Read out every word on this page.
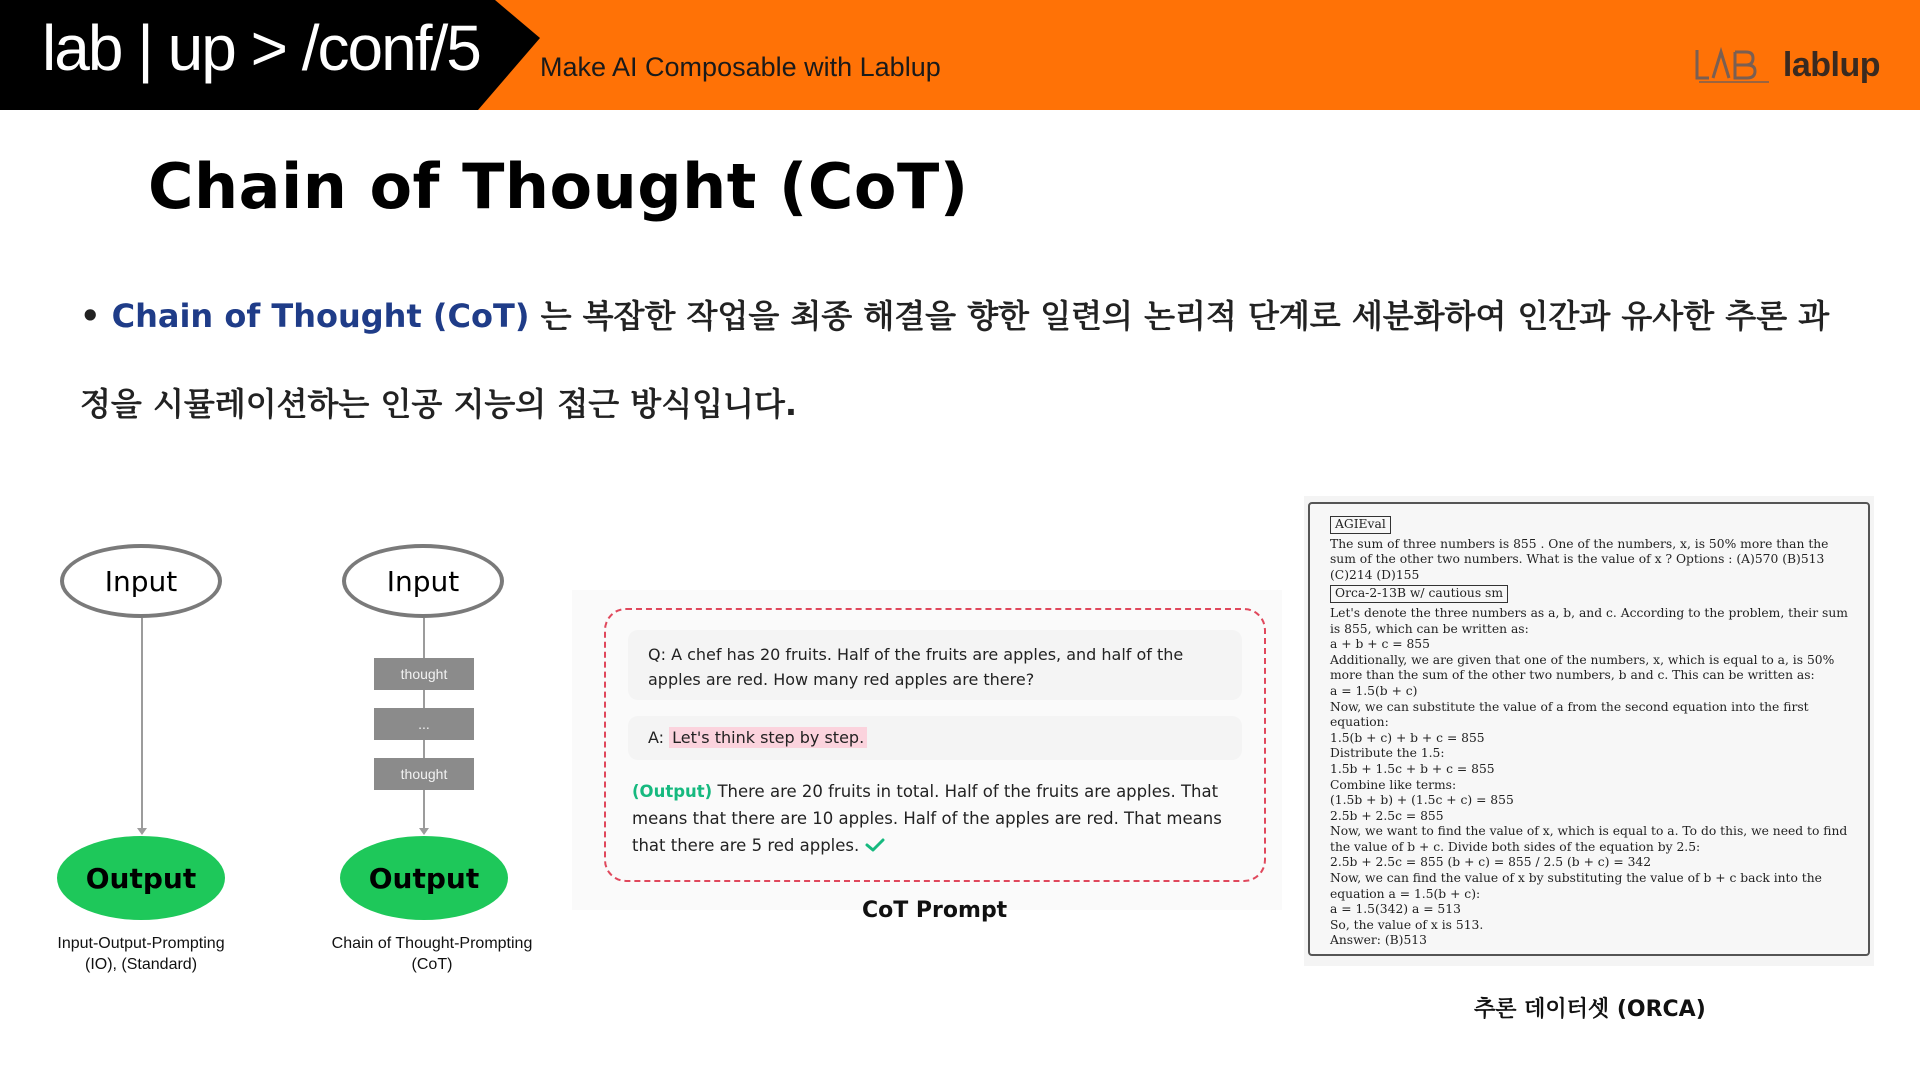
lab | up > /conf/5 Make AI Composable with Lablup	lablup
Chain of Thought (CoT)

• Chain of Thought (CoT) 는 복잡한 작업을 최종 해결을 향한 일련의 논리적 단계로 세분화하여 인간과 유사한 추론 과정을 시뮬레이션하는 인공 지능의 접근 방식입니다.

Input
Output
Input-Output-Prompting
(IO), (Standard)
Input
thought
...
thought
Output
Chain of Thought-Prompting
(CoT)
Q: A chef has 20 fruits. Half of the fruits are apples, and half of the apples are red. How many red apples are there?
A: Let's think step by step.
(Output) There are 20 fruits in total. Half of the fruits are apples. That means that there are 10 apples. Half of the apples are red. That means that there are 5 red apples.
CoT Prompt
AGIEval
The sum of three numbers is 855 . One of the numbers, x, is 50% more than the sum of the other two numbers. What is the value of x ? Options : (A)570 (B)513 (C)214 (D)155
Orca-2-13B w/ cautious sm
Let's denote the three numbers as a, b, and c. According to the problem, their sum is 855, which can be written as:
a + b + c = 855
Additionally, we are given that one of the numbers, x, which is equal to a, is 50% more than the sum of the other two numbers, b and c. This can be written as:
a = 1.5(b + c)
Now, we can substitute the value of a from the second equation into the first equation:
1.5(b + c) + b + c = 855
Distribute the 1.5:
1.5b + 1.5c + b + c = 855
Combine like terms:
(1.5b + b) + (1.5c + c) = 855
2.5b + 2.5c = 855
Now, we want to find the value of x, which is equal to a. To do this, we need to find the value of b + c. Divide both sides of the equation by 2.5:
2.5b + 2.5c = 855 (b + c) = 855 / 2.5 (b + c) = 342
Now, we can find the value of x by substituting the value of b + c back into the equation a = 1.5(b + c):
a = 1.5(342) a = 513
So, the value of x is 513.
Answer: (B)513
추론 데이터셋 (ORCA)
